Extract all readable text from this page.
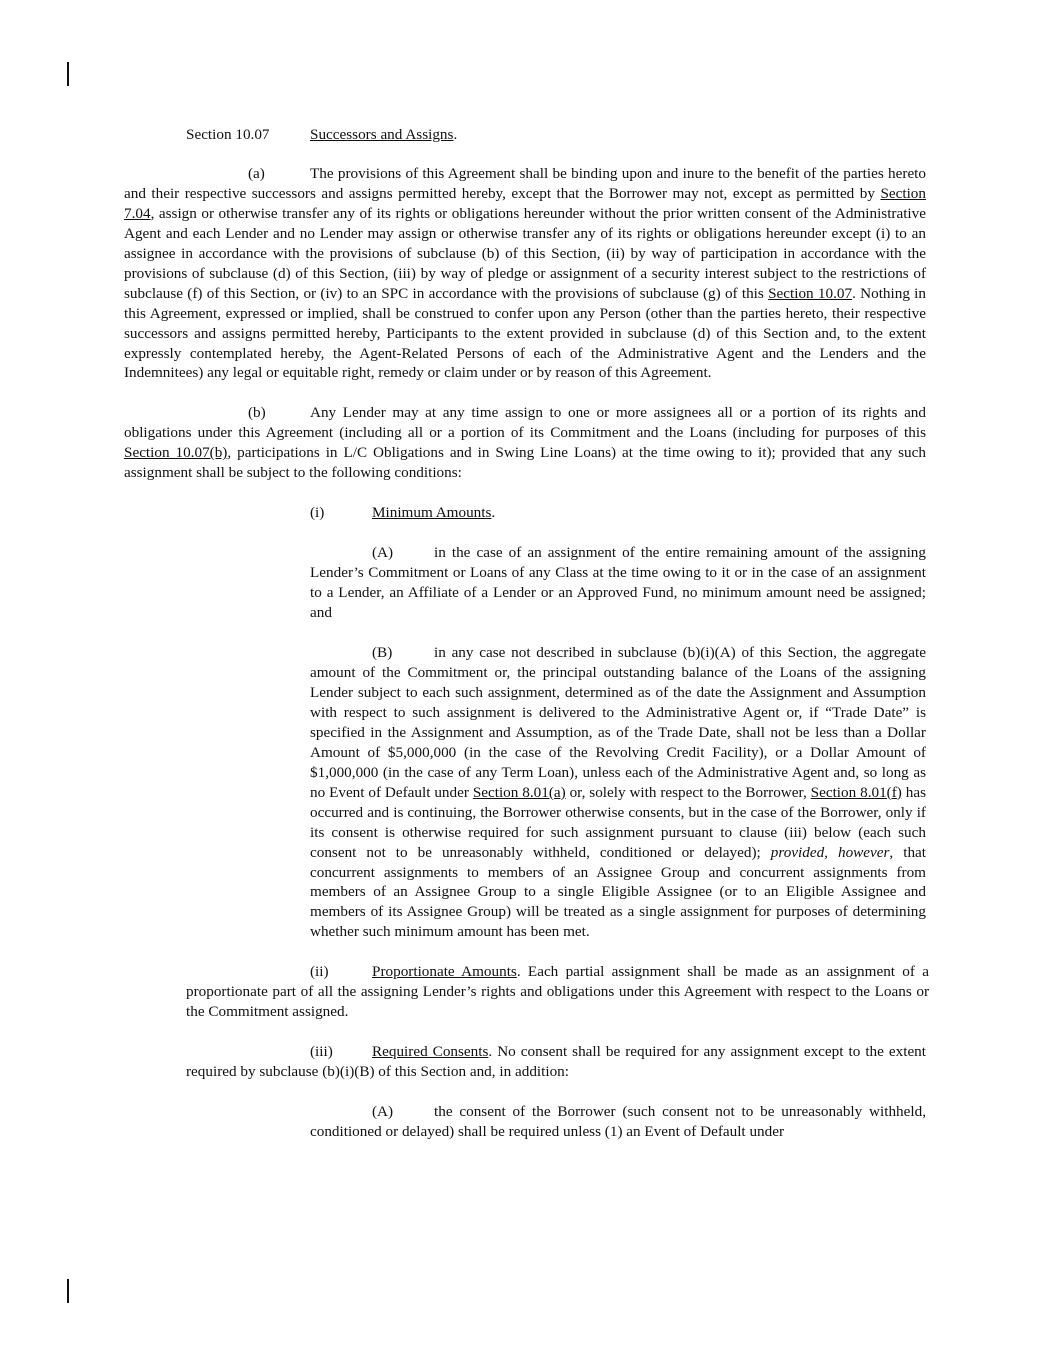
Section 10.07	Successors and Assigns.

(a)	The provisions of this Agreement shall be binding upon and inure to the benefit of the parties hereto and their respective successors and assigns permitted hereby, except that the Borrower may not, except as permitted by Section 7.04, assign or otherwise transfer any of its rights or obligations hereunder without the prior written consent of the Administrative Agent and each Lender and no Lender may assign or otherwise transfer any of its rights or obligations hereunder except (i) to an assignee in accordance with the provisions of subclause (b) of this Section, (ii) by way of participation in accordance with the provisions of subclause (d) of this Section, (iii) by way of pledge or assignment of a security interest subject to the restrictions of subclause (f) of this Section, or (iv) to an SPC in accordance with the provisions of subclause (g) of this Section 10.07. Nothing in this Agreement, expressed or implied, shall be construed to confer upon any Person (other than the parties hereto, their respective successors and assigns permitted hereby, Participants to the extent provided in subclause (d) of this Section and, to the extent expressly contemplated hereby, the Agent-Related Persons of each of the Administrative Agent and the Lenders and the Indemnitees) any legal or equitable right, remedy or claim under or by reason of this Agreement.

(b)	Any Lender may at any time assign to one or more assignees all or a portion of its rights and obligations under this Agreement (including all or a portion of its Commitment and the Loans (including for purposes of this Section 10.07(b), participations in L/C Obligations and in Swing Line Loans) at the time owing to it); provided that any such assignment shall be subject to the following conditions:

(i)	Minimum Amounts.

(A)	in the case of an assignment of the entire remaining amount of the assigning Lender’s Commitment or Loans of any Class at the time owing to it or in the case of an assignment to a Lender, an Affiliate of a Lender or an Approved Fund, no minimum amount need be assigned; and

(B)	in any case not described in subclause (b)(i)(A) of this Section, the aggregate amount of the Commitment or, the principal outstanding balance of the Loans of the assigning Lender subject to each such assignment, determined as of the date the Assignment and Assumption with respect to such assignment is delivered to the Administrative Agent or, if “Trade Date” is specified in the Assignment and Assumption, as of the Trade Date, shall not be less than a Dollar Amount of $5,000,000 (in the case of the Revolving Credit Facility), or a Dollar Amount of $1,000,000 (in the case of any Term Loan), unless each of the Administrative Agent and, so long as no Event of Default under Section 8.01(a) or, solely with respect to the Borrower, Section 8.01(f) has occurred and is continuing, the Borrower otherwise consents, but in the case of the Borrower, only if its consent is otherwise required for such assignment pursuant to clause (iii) below (each such consent not to be unreasonably withheld, conditioned or delayed); provided, however, that concurrent assignments to members of an Assignee Group and concurrent assignments from members of an Assignee Group to a single Eligible Assignee (or to an Eligible Assignee and members of its Assignee Group) will be treated as a single assignment for purposes of determining whether such minimum amount has been met.

(ii)	Proportionate Amounts. Each partial assignment shall be made as an assignment of a proportionate part of all the assigning Lender’s rights and obligations under this Agreement with respect to the Loans or the Commitment assigned.

(iii)	Required Consents. No consent shall be required for any assignment except to the extent required by subclause (b)(i)(B) of this Section and, in addition:

(A)	the consent of the Borrower (such consent not to be unreasonably withheld, conditioned or delayed) shall be required unless (1) an Event of Default under
